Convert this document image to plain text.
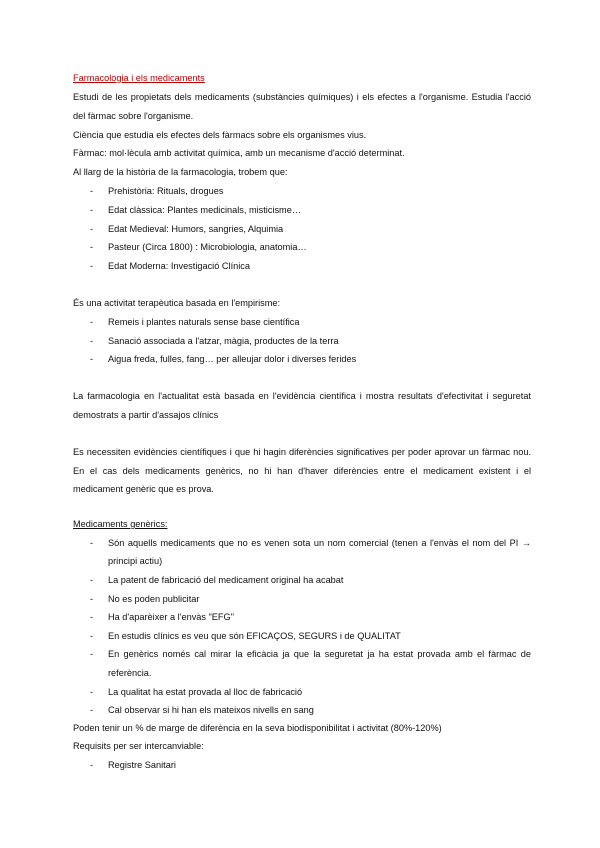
Farmacologia i els medicaments
Estudi de les propietats dels medicaments (substàncies químiques) i els efectes a l'organisme. Estudia l'acció
del fàrmac sobre l'organisme.
Ciència que estudia els efectes dels fàrmacs sobre els organismes vius.
Fàrmac: mol·lècula amb activitat química, amb un mecanisme d'acció determinat.
Al llarg de la història de la farmacologia, trobem que:
- Prehistòria: Rituals, drogues
- Edat clàssica: Plantes medicinals, misticisme…
- Edat Medieval: Humors, sangries, Alquimia
- Pasteur (Circa 1800) : Microbiologia, anatomia…
- Edat Moderna: Investigació Clínica
És una activitat terapèutica basada en l'empirisme:
- Remeis i plantes naturals sense base científica
- Sanació associada a l'atzar, màgia, productes de la terra
- Aigua freda, fulles, fang… per alleujar dolor i diverses ferides
La farmacologia en l'actualitat està basada en l'evidència científica i mostra resultats d'efectivitat i seguretat
demostrats a partir d'assajos clínics
Es necessiten evidències científiques i que hi hagin diferències significatives per poder aprovar un fàrmac nou.
En el cas dels medicaments genèrics, no hi han d'haver diferències entre el medicament existent i el
medicament genèric que es prova.
Medicaments genèrics:
- Són aquells medicaments que no es venen sota un nom comercial (tenen a l'envàs el nom del PI →
principi actiu)
- La patent de fabricació del medicament original ha acabat
- No es poden publicitar
- Ha d'aparèixer a l'envàs "EFG"
- En estudis clínics es veu que són EFICAÇOS, SEGURS i de QUALITAT
- En genèrics només cal mirar la eficàcia ja que la seguretat ja ha estat provada amb el fàrmac de
referència.
- La qualitat ha estat provada al lloc de fabricació
- Cal observar si hi han els mateixos nivells en sang
Poden tenir un % de marge de diferència en la seva biodisponibilitat i activitat (80%-120%)
Requisits per ser intercanviable:
- Registre Sanitari
